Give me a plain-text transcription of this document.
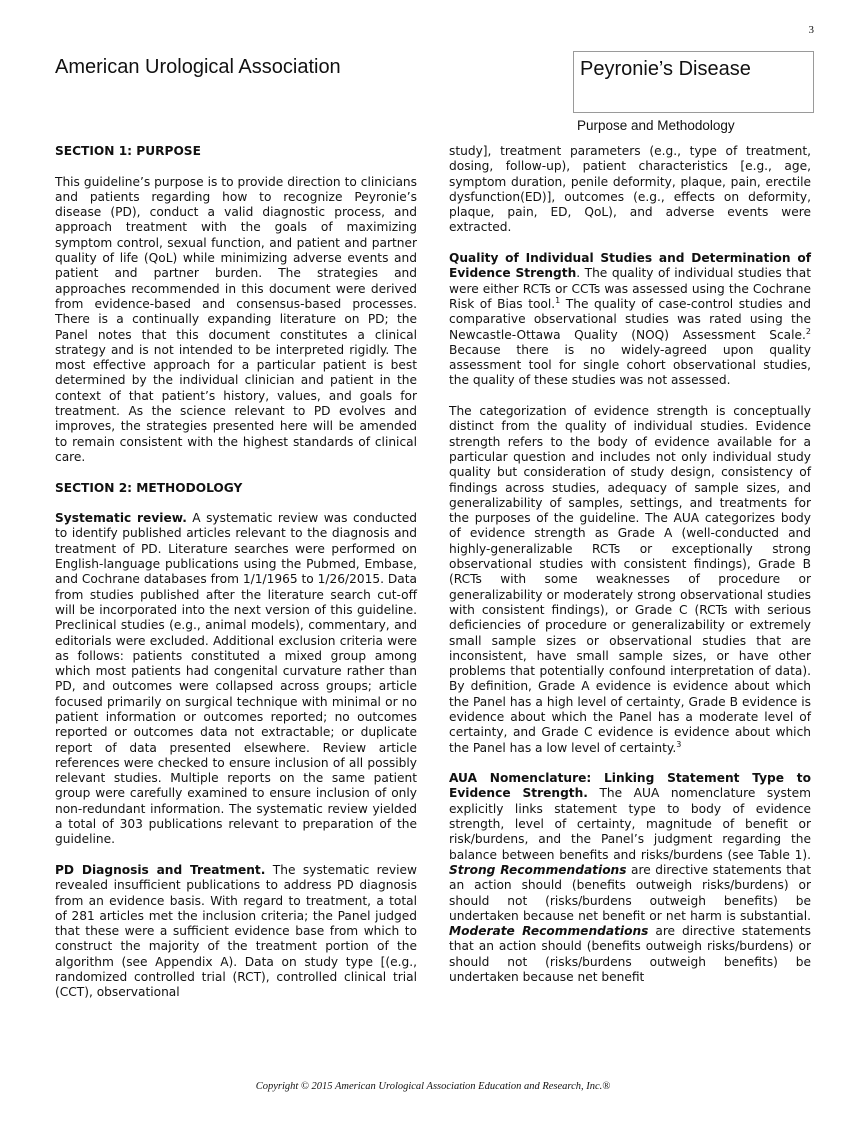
3
American Urological Association	Peyronie’s Disease
Purpose and Methodology
SECTION 1: PURPOSE

This guideline’s purpose is to provide direction to clinicians and patients regarding how to recognize Peyronie’s disease (PD), conduct a valid diagnostic process, and approach treatment with the goals of maximizing symptom control, sexual function, and patient and partner quality of life (QoL) while minimizing adverse events and patient and partner burden. The strategies and approaches recommended in this document were derived from evidence-based and consensus-based processes. There is a continually expanding literature on PD; the Panel notes that this document constitutes a clinical strategy and is not intended to be interpreted rigidly. The most effective approach for a particular patient is best determined by the individual clinician and patient in the context of that patient’s history, values, and goals for treatment. As the science relevant to PD evolves and improves, the strategies presented here will be amended to remain consistent with the highest standards of clinical care.

SECTION 2: METHODOLOGY

Systematic review. A systematic review was conducted to identify published articles relevant to the diagnosis and treatment of PD. Literature searches were performed on English-language publications using the Pubmed, Embase, and Cochrane databases from 1/1/1965 to 1/26/2015. Data from studies published after the literature search cut-off will be incorporated into the next version of this guideline. Preclinical studies (e.g., animal models), commentary, and editorials were excluded. Additional exclusion criteria were as follows: patients constituted a mixed group among which most patients had congenital curvature rather than PD, and outcomes were collapsed across groups; article focused primarily on surgical technique with minimal or no patient information or outcomes reported; no outcomes reported or outcomes data not extractable; or duplicate report of data presented elsewhere. Review article references were checked to ensure inclusion of all possibly relevant studies. Multiple reports on the same patient group were carefully examined to ensure inclusion of only non-redundant information. The systematic review yielded a total of 303 publications relevant to preparation of the guideline.

PD Diagnosis and Treatment. The systematic review revealed insufficient publications to address PD diagnosis from an evidence basis. With regard to treatment, a total of 281 articles met the inclusion criteria; the Panel judged that these were a sufficient evidence base from which to construct the majority of the treatment portion of the algorithm (see Appendix A). Data on study type [(e.g., randomized controlled trial (RCT), controlled clinical trial (CCT), observational

study], treatment parameters (e.g., type of treatment, dosing, follow-up), patient characteristics [e.g., age, symptom duration, penile deformity, plaque, pain, erectile dysfunction(ED)], outcomes (e.g., effects on deformity, plaque, pain, ED, QoL), and adverse events were extracted.

Quality of Individual Studies and Determination of Evidence Strength. The quality of individual studies that were either RCTs or CCTs was assessed using the Cochrane Risk of Bias tool.$^1$ The quality of case-control studies and comparative observational studies was rated using the Newcastle-Ottawa Quality (NOQ) Assessment Scale.$^2$ Because there is no widely-agreed upon quality assessment tool for single cohort observational studies, the quality of these studies was not assessed.

The categorization of evidence strength is conceptually distinct from the quality of individual studies. Evidence strength refers to the body of evidence available for a particular question and includes not only individual study quality but consideration of study design, consistency of findings across studies, adequacy of sample sizes, and generalizability of samples, settings, and treatments for the purposes of the guideline. The AUA categorizes body of evidence strength as Grade A (well-conducted and highly-generalizable RCTs or exceptionally strong observational studies with consistent findings), Grade B (RCTs with some weaknesses of procedure or generalizability or moderately strong observational studies with consistent findings), or Grade C (RCTs with serious deficiencies of procedure or generalizability or extremely small sample sizes or observational studies that are inconsistent, have small sample sizes, or have other problems that potentially confound interpretation of data). By definition, Grade A evidence is evidence about which the Panel has a high level of certainty, Grade B evidence is evidence about which the Panel has a moderate level of certainty, and Grade C evidence is evidence about which the Panel has a low level of certainty.$^3$

AUA Nomenclature: Linking Statement Type to Evidence Strength. The AUA nomenclature system explicitly links statement type to body of evidence strength, level of certainty, magnitude of benefit or risk/burdens, and the Panel’s judgment regarding the balance between benefits and risks/burdens (see Table 1). Strong Recommendations are directive statements that an action should (benefits outweigh risks/burdens) or should not (risks/burdens outweigh benefits) be undertaken because net benefit or net harm is substantial. Moderate Recommendations are directive statements that an action should (benefits outweigh risks/burdens) or should not (risks/burdens outweigh benefits) be undertaken because net benefit

Copyright © 2015 American Urological Association Education and Research, Inc.®
